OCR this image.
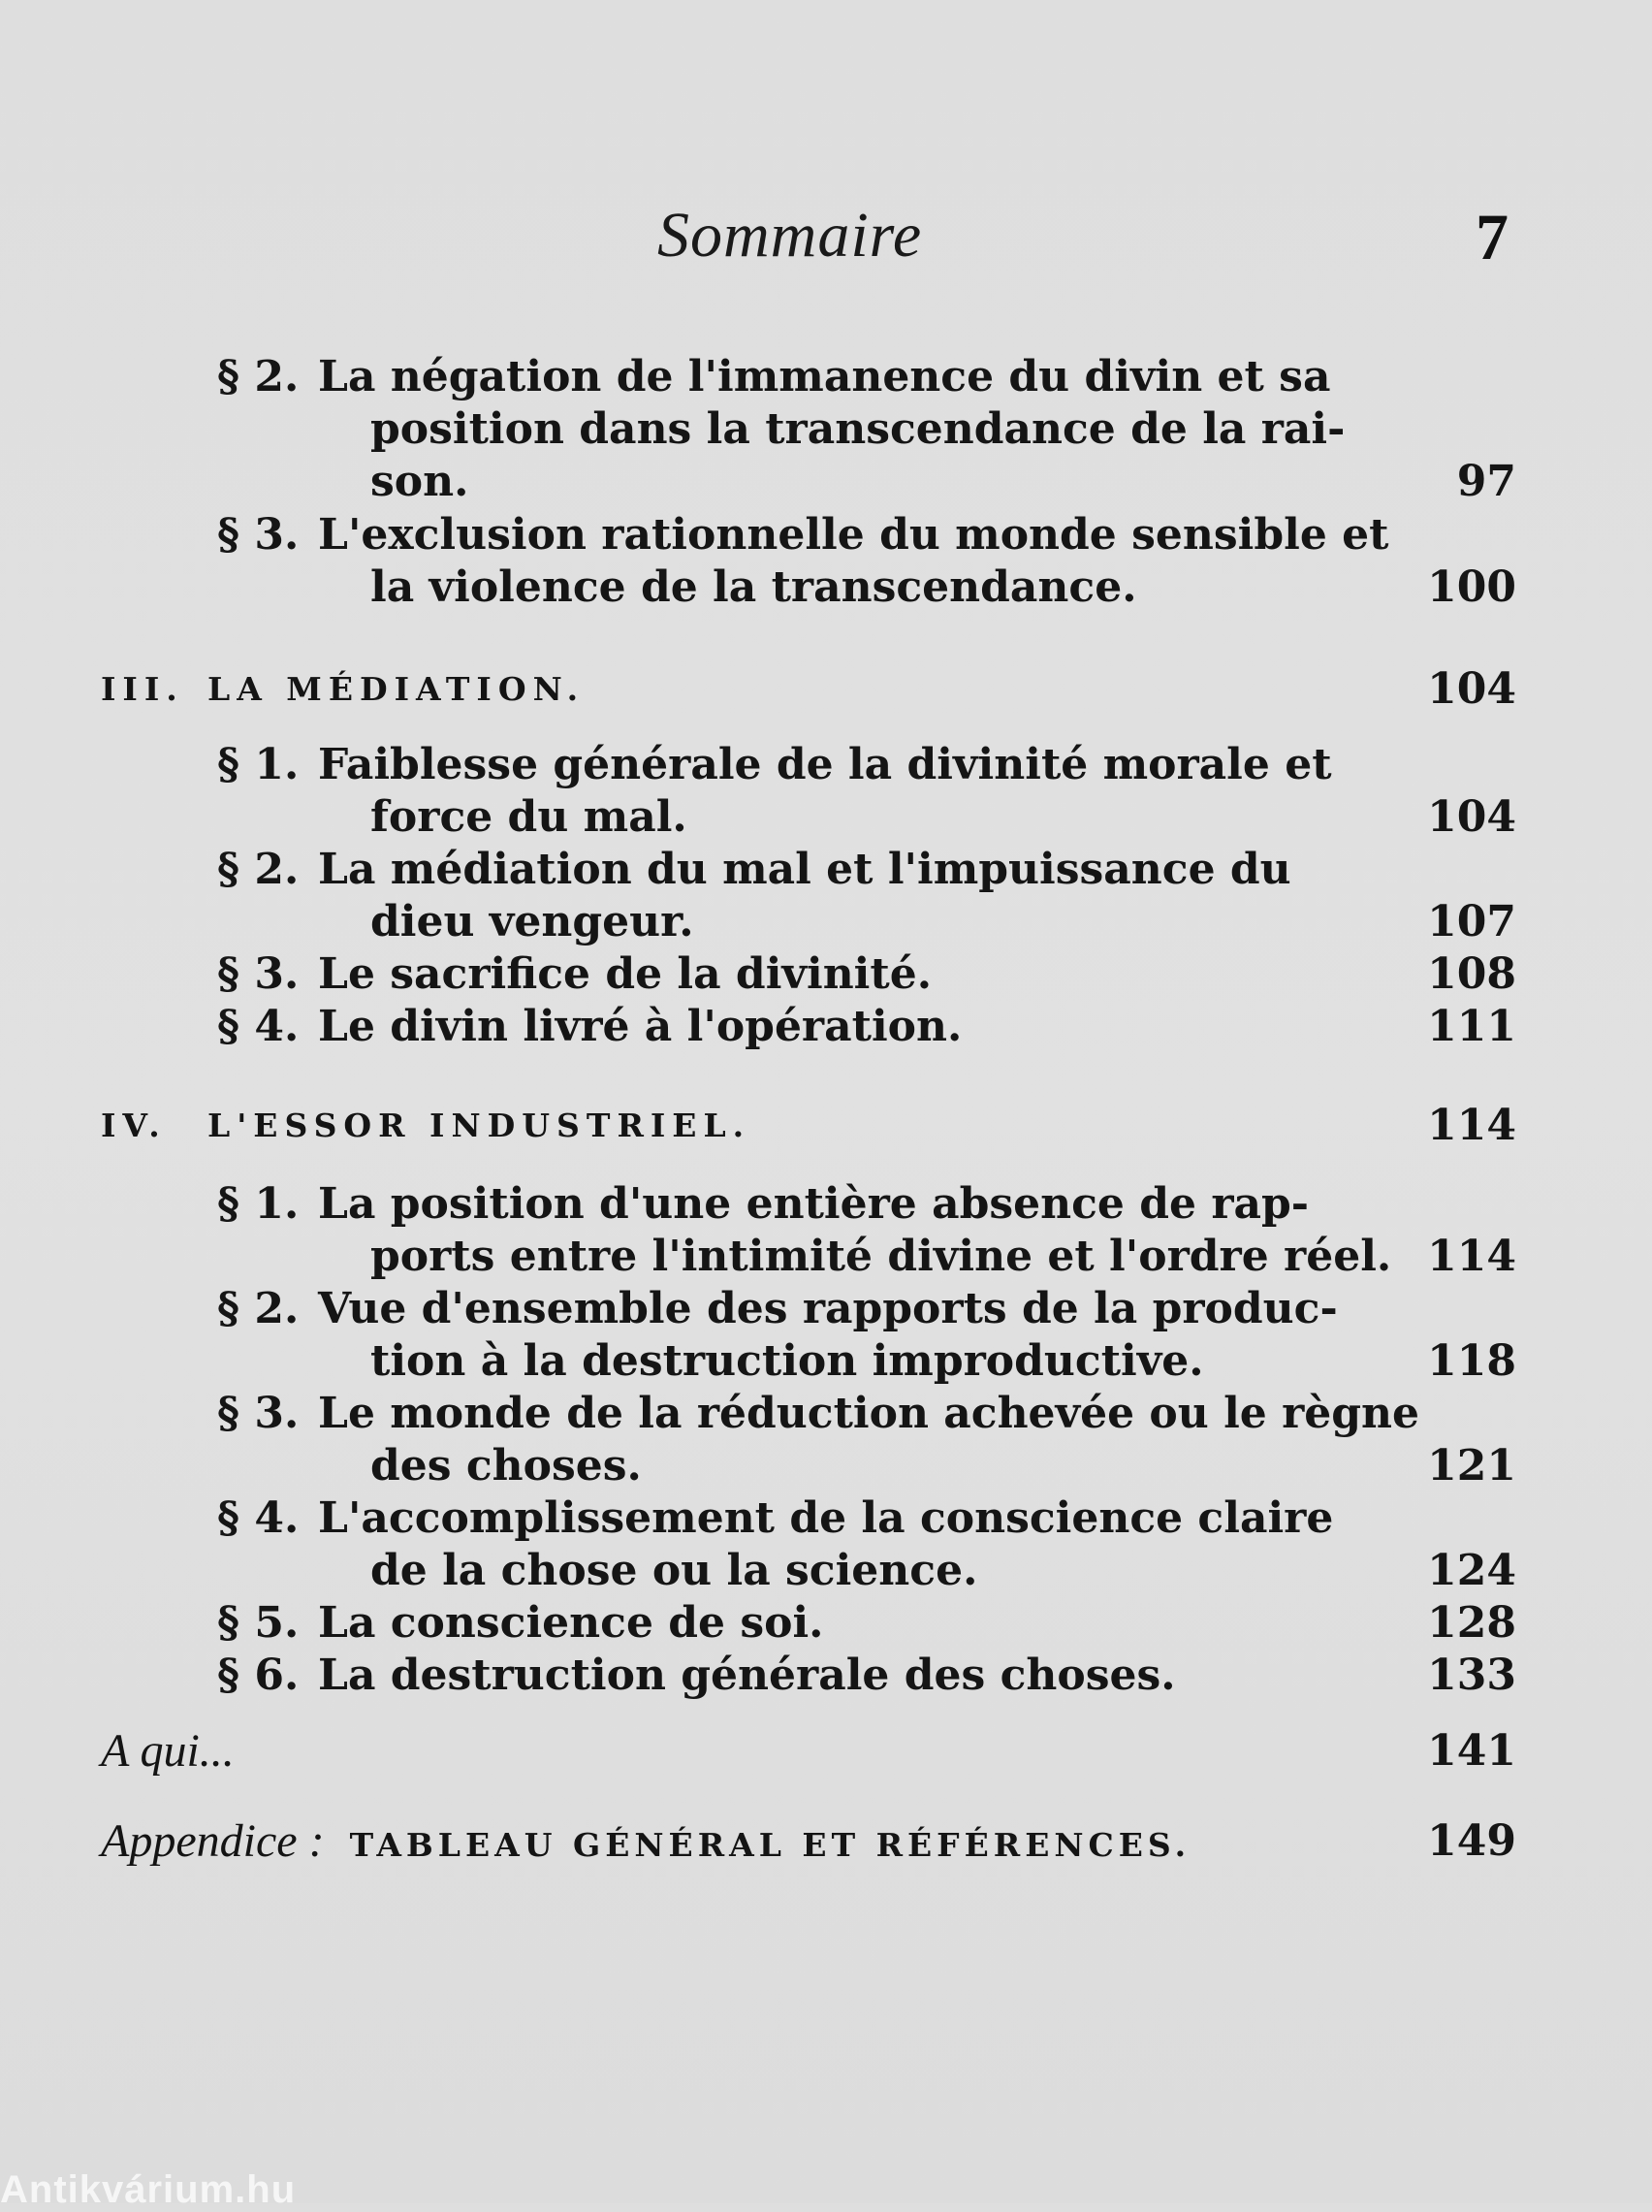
Sommaire	7
§ 2. La négation de l'immanence du divin et sa
position dans la transcendance de la rai-
son.	97
§ 3. L'exclusion rationnelle du monde sensible et
la violence de la transcendance.	100
III. LA MÉDIATION.	104
§ 1. Faiblesse générale de la divinité morale et
force du mal.	104
§ 2. La médiation du mal et l'impuissance du
dieu vengeur.	107
§ 3. Le sacrifice de la divinité.	108
§ 4. Le divin livré à l'opération.	111
IV. L'ESSOR INDUSTRIEL.	114
§ 1. La position d'une entière absence de rap-
ports entre l'intimité divine et l'ordre réel. 114
§ 2. Vue d'ensemble des rapports de la produc-
tion à la destruction improductive.	118
§ 3. Le monde de la réduction achevée ou le règne
des choses.	121
§ 4. L'accomplissement de la conscience claire
de la chose ou la science.	124
§ 5. La conscience de soi.	128
§ 6. La destruction générale des choses.	133
A qui...	141
Appendice : TABLEAU GÉNÉRAL ET RÉFÉRENCES.	149
Antikvárium.hu
